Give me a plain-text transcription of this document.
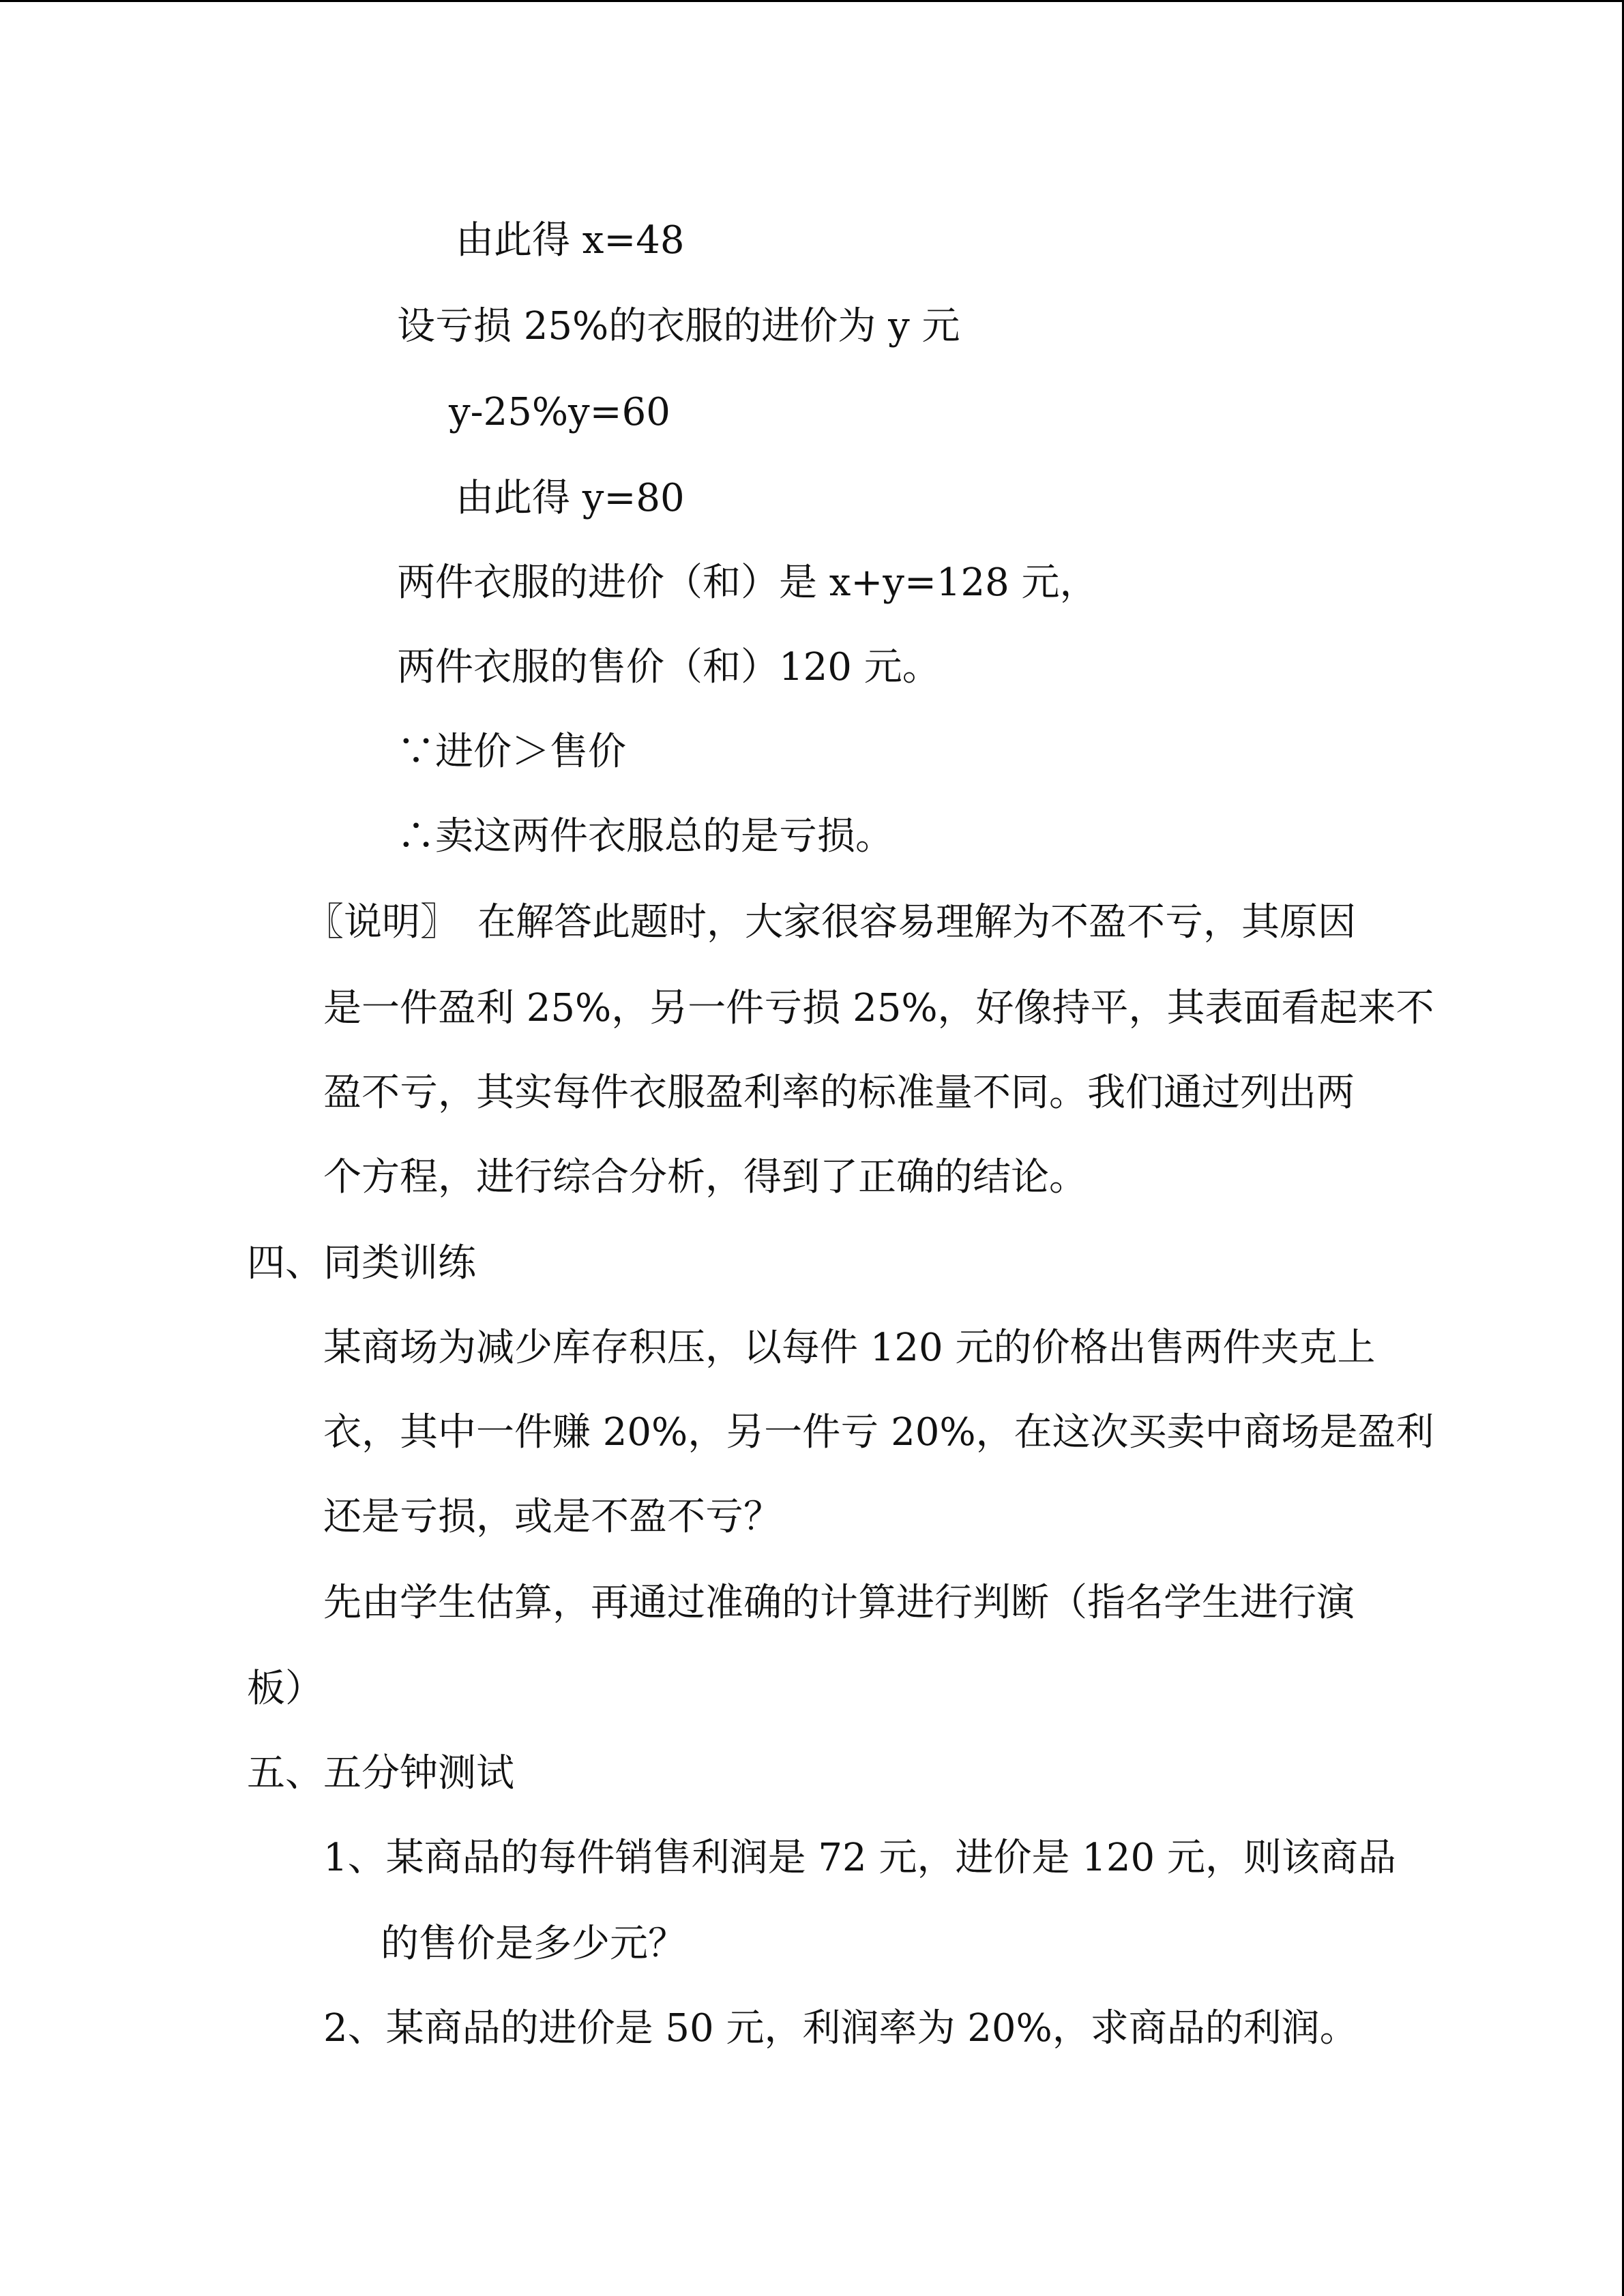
由此得 x=48
设亏损 25%的衣服的进价为 y 元
y-25%y=60
由此得 y=80
两件衣服的进价（和）是 x+y=128 元，
两件衣服的售价（和）120 元。
∵进价＞售价
∴卖这两件衣服总的是亏损。
〖说明〗　在解答此题时，大家很容易理解为不盈不亏，其原因
是一件盈利 25%，另一件亏损 25%，好像持平，其表面看起来不
盈不亏，其实每件衣服盈利率的标准量不同。我们通过列出两
个方程，进行综合分析，得到了正确的结论。
四、同类训练
某商场为减少库存积压，以每件 120 元的价格出售两件夹克上
衣，其中一件赚 20%，另一件亏 20%，在这次买卖中商场是盈利
还是亏损，或是不盈不亏？
先由学生估算，再通过准确的计算进行判断（指名学生进行演
板）
五、五分钟测试
1、某商品的每件销售利润是 72 元，进价是 120 元，则该商品
的售价是多少元？
2、某商品的进价是 50 元，利润率为 20%，求商品的利润。
